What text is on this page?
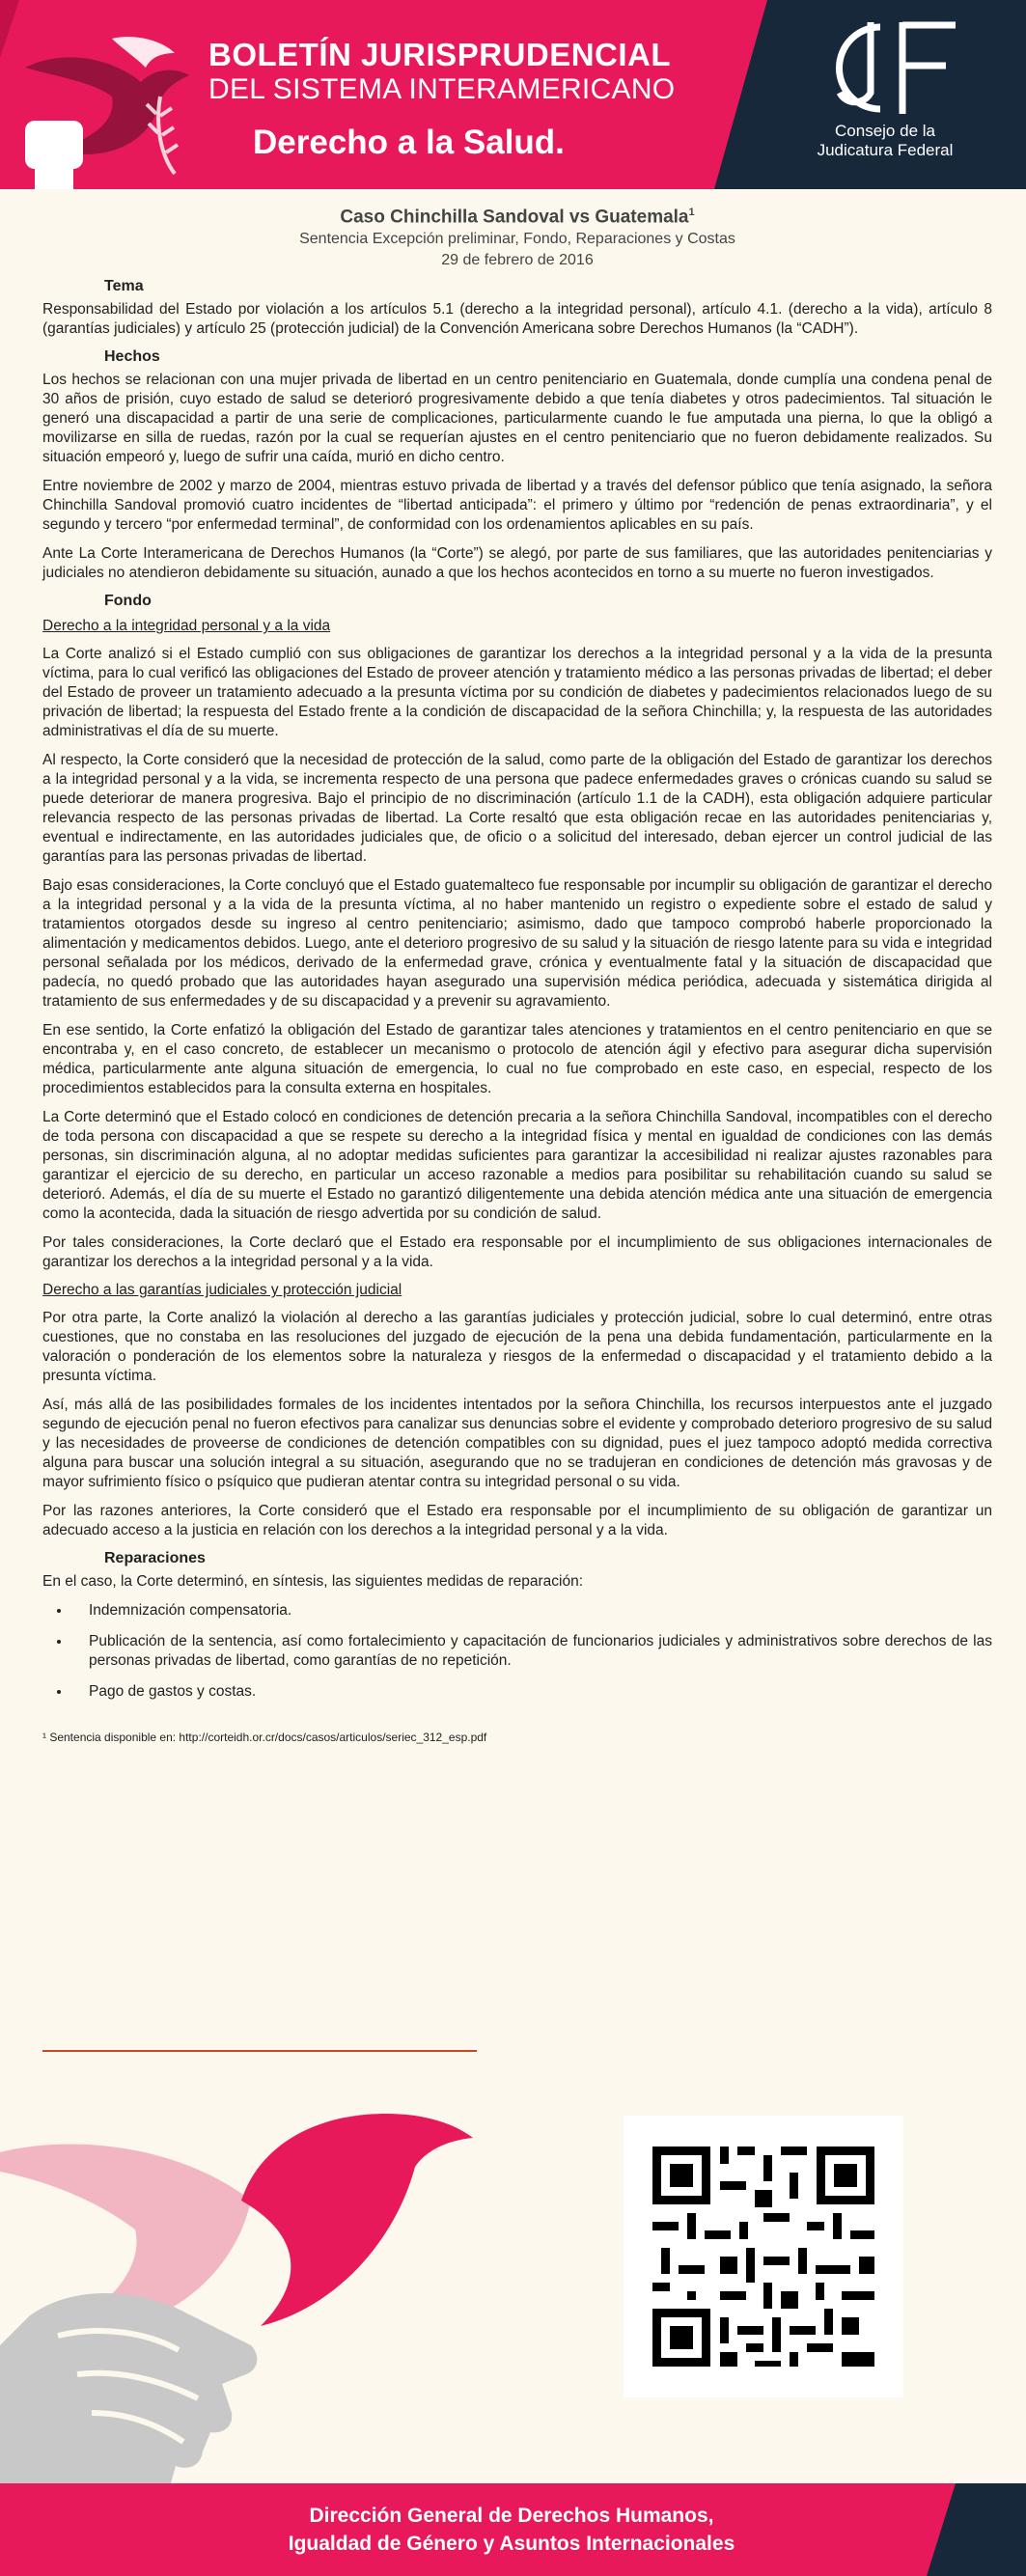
BOLETÍN JURISPRUDENCIAL
DEL SISTEMA INTERAMERICANO
Derecho a la Salud.	Consejo de la
Judicatura Federal

Caso Chinchilla Sandoval vs Guatemala$^1$

Sentencia Excepción preliminar, Fondo, Reparaciones y Costas

29 de febrero de 2016

Tema

Responsabilidad del Estado por violación a los artículos 5.1 (derecho a la integridad personal), artículo 4.1. (derecho a la vida), artículo 8 (garantías judiciales) y artículo 25 (protección judicial) de la Convención Americana sobre Derechos Humanos (la “CADH”).

Hechos

Los hechos se relacionan con una mujer privada de libertad en un centro penitenciario en Guatemala, donde cumplía una condena penal de 30 años de prisión, cuyo estado de salud se deterioró progresivamente debido a que tenía diabetes y otros padecimientos. Tal situación le generó una discapacidad a partir de una serie de complicaciones, particularmente cuando le fue amputada una pierna, lo que la obligó a movilizarse en silla de ruedas, razón por la cual se requerían ajustes en el centro penitenciario que no fueron debidamente realizados. Su situación empeoró y, luego de sufrir una caída, murió en dicho centro.

Entre noviembre de 2002 y marzo de 2004, mientras estuvo privada de libertad y a través del defensor público que tenía asignado, la señora Chinchilla Sandoval promovió cuatro incidentes de “libertad anticipada”: el primero y último por “redención de penas extraordinaria”, y el segundo y tercero “por enfermedad terminal”, de conformidad con los ordenamientos aplicables en su país.

Ante La Corte Interamericana de Derechos Humanos (la “Corte”) se alegó, por parte de sus familiares, que las autoridades penitenciarias y judiciales no atendieron debidamente su situación, aunado a que los hechos acontecidos en torno a su muerte no fueron investigados.

Fondo
Derecho a la integridad personal y a la vida

La Corte analizó si el Estado cumplió con sus obligaciones de garantizar los derechos a la integridad personal y a la vida de la presunta víctima, para lo cual verificó las obligaciones del Estado de proveer atención y tratamiento médico a las personas privadas de libertad; el deber del Estado de proveer un tratamiento adecuado a la presunta víctima por su condición de diabetes y padecimientos relacionados luego de su privación de libertad; la respuesta del Estado frente a la condición de discapacidad de la señora Chinchilla; y, la respuesta de las autoridades administrativas el día de su muerte.

Al respecto, la Corte consideró que la necesidad de protección de la salud, como parte de la obligación del Estado de garantizar los derechos a la integridad personal y a la vida, se incrementa respecto de una persona que padece enfermedades graves o crónicas cuando su salud se puede deteriorar de manera progresiva. Bajo el principio de no discriminación (artículo 1.1 de la CADH), esta obligación adquiere particular relevancia respecto de las personas privadas de libertad. La Corte resaltó que esta obligación recae en las autoridades penitenciarias y, eventual e indirectamente, en las autoridades judiciales que, de oficio o a solicitud del interesado, deban ejercer un control judicial de las garantías para las personas privadas de libertad.

Bajo esas consideraciones, la Corte concluyó que el Estado guatemalteco fue responsable por incumplir su obligación de garantizar el derecho a la integridad personal y a la vida de la presunta víctima, al no haber mantenido un registro o expediente sobre el estado de salud y tratamientos otorgados desde su ingreso al centro penitenciario; asimismo, dado que tampoco comprobó haberle proporcionado la alimentación y medicamentos debidos. Luego, ante el deterioro progresivo de su salud y la situación de riesgo latente para su vida e integridad personal señalada por los médicos, derivado de la enfermedad grave, crónica y eventualmente fatal y la situación de discapacidad que padecía, no quedó probado que las autoridades hayan asegurado una supervisión médica periódica, adecuada y sistemática dirigida al tratamiento de sus enfermedades y de su discapacidad y a prevenir su agravamiento.

En ese sentido, la Corte enfatizó la obligación del Estado de garantizar tales atenciones y tratamientos en el centro penitenciario en que se encontraba y, en el caso concreto, de establecer un mecanismo o protocolo de atención ágil y efectivo para asegurar dicha supervisión médica, particularmente ante alguna situación de emergencia, lo cual no fue comprobado en este caso, en especial, respecto de los procedimientos establecidos para la consulta externa en hospitales.

La Corte determinó que el Estado colocó en condiciones de detención precaria a la señora Chinchilla Sandoval, incompatibles con el derecho de toda persona con discapacidad a que se respete su derecho a la integridad física y mental en igualdad de condiciones con las demás personas, sin discriminación alguna, al no adoptar medidas suficientes para garantizar la accesibilidad ni realizar ajustes razonables para garantizar el ejercicio de su derecho, en particular un acceso razonable a medios para posibilitar su rehabilitación cuando su salud se deterioró. Además, el día de su muerte el Estado no garantizó diligentemente una debida atención médica ante una situación de emergencia como la acontecida, dada la situación de riesgo advertida por su condición de salud.

Por tales consideraciones, la Corte declaró que el Estado era responsable por el incumplimiento de sus obligaciones internacionales de garantizar los derechos a la integridad personal y a la vida.

Derecho a las garantías judiciales y protección judicial

Por otra parte, la Corte analizó la violación al derecho a las garantías judiciales y protección judicial, sobre lo cual determinó, entre otras cuestiones, que no constaba en las resoluciones del juzgado de ejecución de la pena una debida fundamentación, particularmente en la valoración o ponderación de los elementos sobre la naturaleza y riesgos de la enfermedad o discapacidad y el tratamiento debido a la presunta víctima.

Así, más allá de las posibilidades formales de los incidentes intentados por la señora Chinchilla, los recursos interpuestos ante el juzgado segundo de ejecución penal no fueron efectivos para canalizar sus denuncias sobre el evidente y comprobado deterioro progresivo de su salud y las necesidades de proveerse de condiciones de detención compatibles con su dignidad, pues el juez tampoco adoptó medida correctiva alguna para buscar una solución integral a su situación, asegurando que no se tradujeran en condiciones de detención más gravosas y de mayor sufrimiento físico o psíquico que pudieran atentar contra su integridad personal o su vida.

Por las razones anteriores, la Corte consideró que el Estado era responsable por el incumplimiento de su obligación de garantizar un adecuado acceso a la justicia en relación con los derechos a la integridad personal y a la vida.

Reparaciones

En el caso, la Corte determinó, en síntesis, las siguientes medidas de reparación:

• Indemnización compensatoria.
• Publicación de la sentencia, así como fortalecimiento y capacitación de funcionarios judiciales y administrativos sobre derechos de las personas privadas de libertad, como garantías de no repetición.
• Pago de gastos y costas.
¹ Sentencia disponible en: http://corteidh.or.cr/docs/casos/articulos/seriec_312_esp.pdf
Dirección General de Derechos Humanos,
Igualdad de Género y Asuntos Internacionales
